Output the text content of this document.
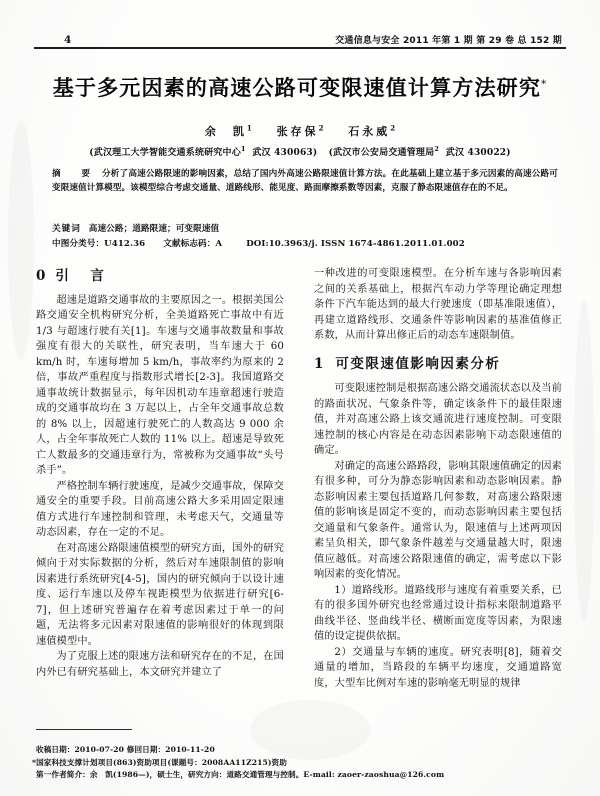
4	交通信息与安全 2011 年第 1 期 第 29 卷 总 152 期
基于多元因素的高速公路可变限速值计算方法研究*
余　凯$^1$ 张存保$^2$ 石永威$^2$
(武汉理工大学智能交通系统研究中心$^1$ 武汉 430063) (武汉市公安局交通管理局$^2$ 武汉 430022)
摘　要 分析了高速公路限速的影响因素，总结了国内外高速公路限速值计算方法。在此基础上建立基于多元因素的高速公路可变限速值计算模型。该模型综合考虑交通量、道路线形、能见度、路面摩擦系数等因素，克服了静态限速值存在的不足。
关键词 高速公路；道路限速；可变限速值
中图分类号：U412.36 文献标志码：A	DOI:10.3963/j. ISSN 1674-4861.2011.01.002
0 引　言

超速是道路交通事故的主要原因之一。根据美国公路交通安全机构研究分析，全美道路死亡事故中有近 1/3 与超速行驶有关[1]。车速与交通事故数量和事故强度有很大的关联性，研究表明，当车速大于 60 km/h 时，车速每增加 5 km/h，事故率约为原来的 2 倍，事故严重程度与指数形式增长[2-3]。我国道路交通事故统计数据显示，每年因机动车违章超速行驶造成的交通事故均在 3 万起以上，占全年交通事故总数的 8% 以上，因超速行驶死亡的人数高达 9 000 余人，占全年事故死亡人数的 11% 以上。超速是导致死亡人数最多的交通违章行为，常被称为交通事故“头号杀手”。

严格控制车辆行驶速度，是减少交通事故，保障交通安全的重要手段。目前高速公路大多采用固定限速值方式进行车速控制和管理，未考虑天气，交通量等动态因素，存在一定的不足。

在对高速公路限速值模型的研究方面，国外的研究倾向于对实际数据的分析，然后对车速限制值的影响因素进行系统研究[4-5]，国内的研究倾向于以设计速度、运行车速以及停车视距模型为依据进行研究[6-7]，但上述研究普遍存在着考虑因素过于单一的问题，无法将多元因素对限速值的影响很好的体现到限速值模型中。

为了克服上述的限速方法和研究存在的不足，在国内外已有研究基础上，本文研究并建立了

一种改进的可变限速模型。在分析车速与各影响因素之间的关系基础上，根据汽车动力学等理论确定理想条件下汽车能达到的最大行驶速度（即基准限速值），再建立道路线形、交通条件等影响因素的基准值修正系数，从而计算出修正后的动态车速限制值。

1 可变限速值影响因素分析

可变限速控制是根据高速公路交通流状态以及当前的路面状况、气象条件等，确定该条件下的最佳限速值，并对高速公路上该交通流进行速度控制。可变限速控制的核心内容是在动态因素影响下动态限速值的确定。

对确定的高速公路路段，影响其限速值确定的因素有很多种，可分为静态影响因素和动态影响因素。静态影响因素主要包括道路几何参数，对高速公路限速值的影响该是固定不变的，而动态影响因素主要包括交通量和气象条件。通常认为，限速值与上述两项因素呈负相关，即气象条件越差与交通量越大时，限速值应越低。对高速公路限速值的确定，需考虑以下影响因素的变化情况。

1）道路线形。道路线形与速度有着重要关系，已有的很多国外研究也经常通过设计指标来限制道路平曲线半径、竖曲线半径、横断面宽度等因素，为限速值的设定提供依据。

2）交通量与车辆的速度。研究表明[8]，随着交通量的增加，当路段的车辆平均速度，交通道路宽度，大型车比例对车速的影响毫无明显的规律

收稿日期：2010-07-20 修回日期：2010-11-20
*国家科技支撑计划项目(863)资助项目(课题号：2008AA11Z215)资助
第一作者简介：余　凯(1986—)，硕士生，研究方向：道路交通管理与控制。E-mail: zaoer-zaoshua@126.com
